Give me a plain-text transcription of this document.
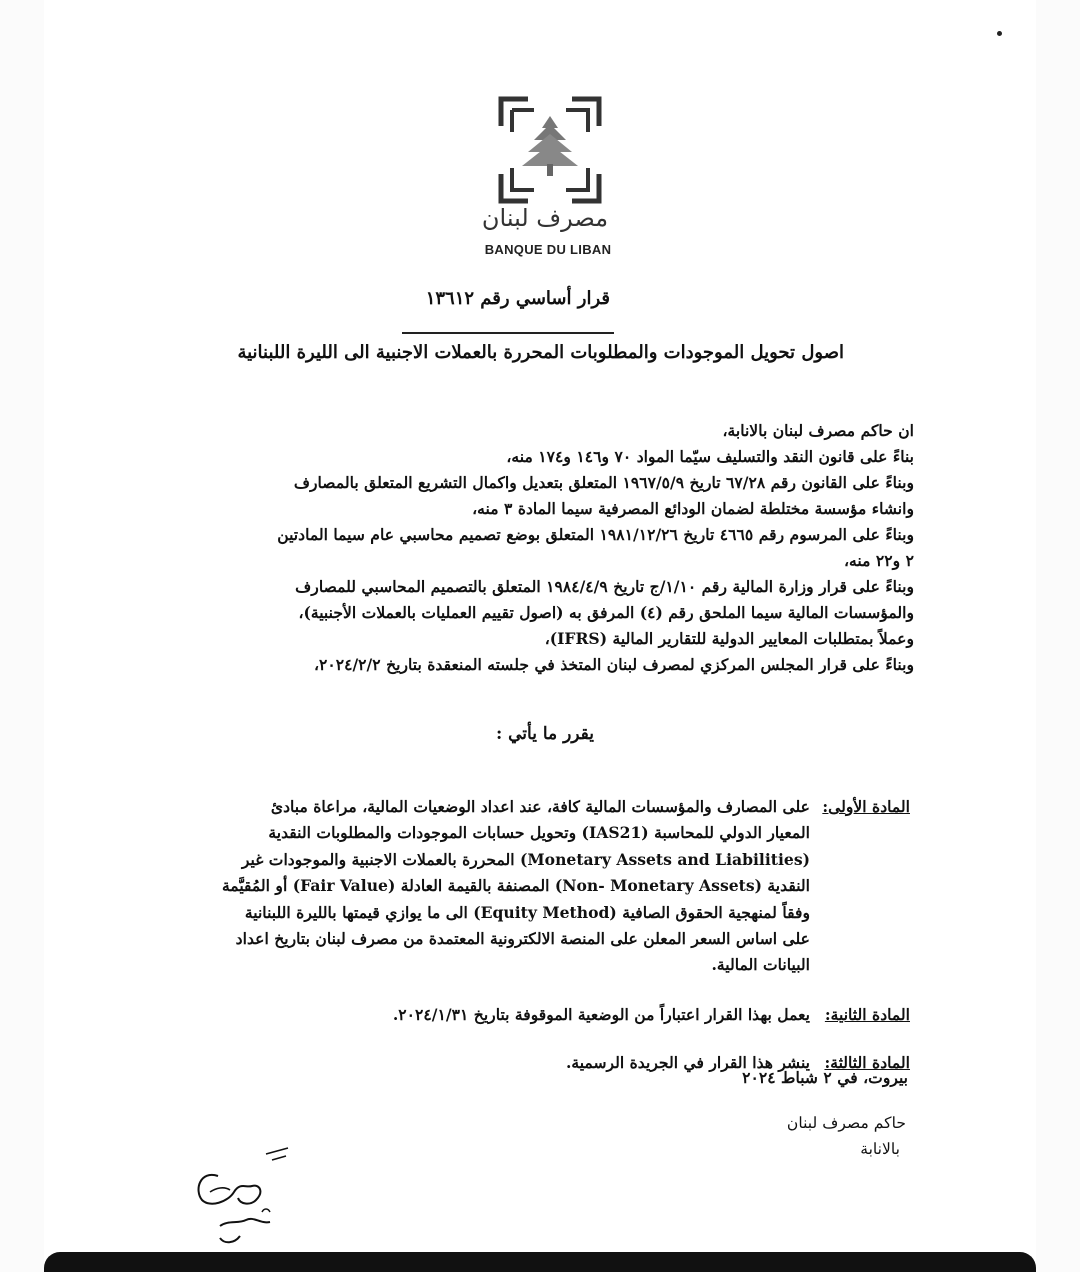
مصرف لبنان
BANQUE DU LIBAN
قرار أساسي رقم ١٣٦١٢
اصول تحويل الموجودات والمطلوبات المحررة بالعملات الاجنبية الى الليرة اللبنانية
ان حاكم مصرف لبنان بالانابة،
بناءً على قانون النقد والتسليف سيّما المواد ٧٠ و١٤٦ و١٧٤ منه،
وبناءً على القانون رقم ٦٧/٢٨ تاريخ ١٩٦٧/٥/٩ المتعلق بتعديل واكمال التشريع المتعلق بالمصارف
وانشاء مؤسسة مختلطة لضمان الودائع المصرفية سيما المادة ٣ منه،
وبناءً على المرسوم رقم ٤٦٦٥ تاريخ ١٩٨١/١٢/٢٦ المتعلق بوضع تصميم محاسبي عام سيما المادتين
٢ و٢٢ منه،
وبناءً على قرار وزارة المالية رقم ١/١٠/ج تاريخ ١٩٨٤/٤/٩ المتعلق بالتصميم المحاسبي للمصارف
والمؤسسات المالية سيما الملحق رقم (٤) المرفق به (اصول تقييم العمليات بالعملات الأجنبية)،
وعملاً بمتطلبات المعايير الدولية للتقارير المالية (IFRS)،
وبناءً على قرار المجلس المركزي لمصرف لبنان المتخذ في جلسته المنعقدة بتاريخ ٢٠٢٤/٢/٢،
يقرر ما يأتي :
المادة الأولى:
على المصارف والمؤسسات المالية كافة، عند اعداد الوضعيات المالية، مراعاة مبادئ
المعيار الدولي للمحاسبة (IAS21) وتحويل حسابات الموجودات والمطلوبات النقدية
(Monetary Assets and Liabilities) المحررة بالعملات الاجنبية والموجودات غير
النقدية (Non- Monetary Assets) المصنفة بالقيمة العادلة (Fair Value) أو المُقيَّمة
وفقاً لمنهجية الحقوق الصافية (Equity Method) الى ما يوازي قيمتها بالليرة اللبنانية
على اساس السعر المعلن على المنصة الالكترونية المعتمدة من مصرف لبنان بتاريخ اعداد
البيانات المالية.
المادة الثانية:
يعمل بهذا القرار اعتباراً من الوضعية الموقوفة بتاريخ ٢٠٢٤/١/٣١.
المادة الثالثة:
ينشر هذا القرار في الجريدة الرسمية.
بيروت، في ٢ شباط ٢٠٢٤
حاكم مصرف لبنان
بالانابة
